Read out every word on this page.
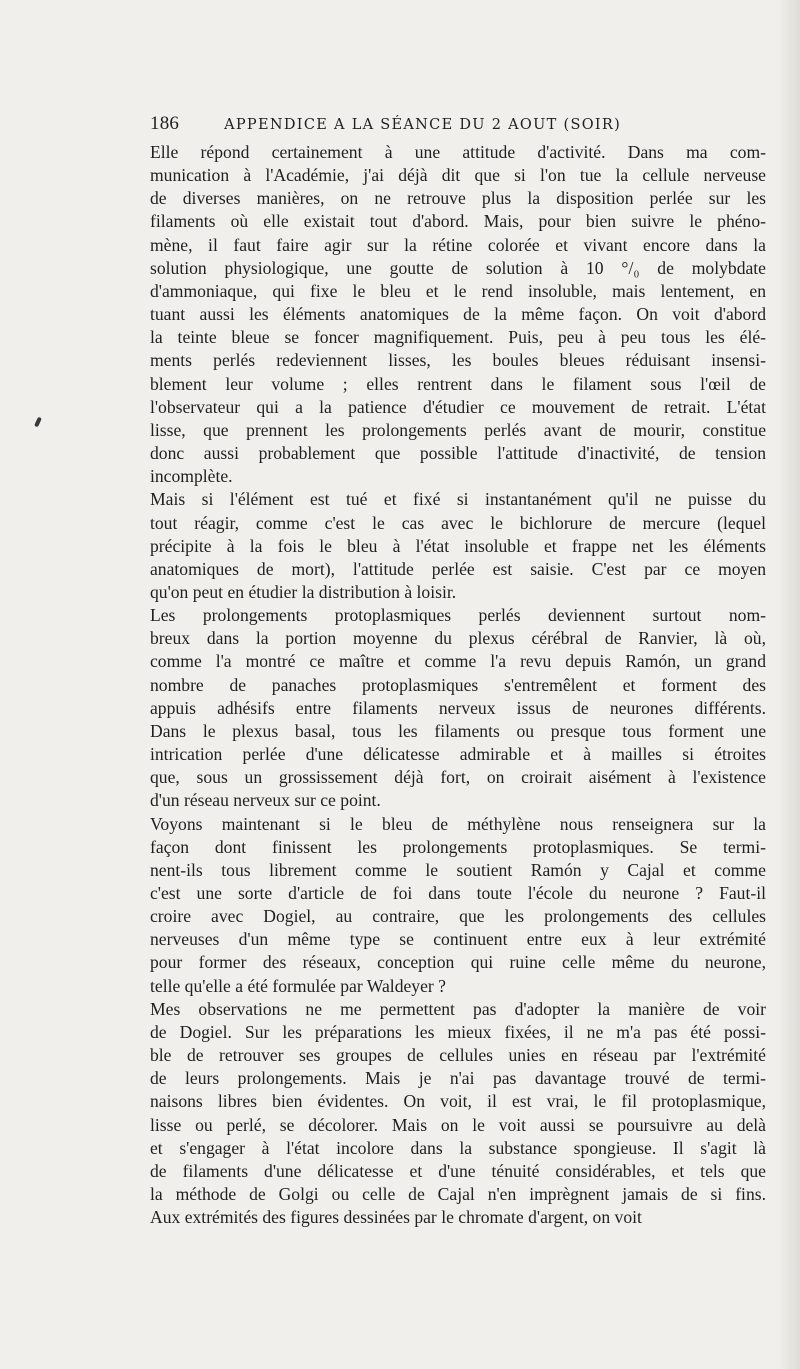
186	APPENDICE A LA SÉANCE DU 2 AOUT (SOIR)

Elle répond certainement à une attitude d'activité. Dans ma com-
munication à l'Académie, j'ai déjà dit que si l'on tue la cellule nerveuse
de diverses manières, on ne retrouve plus la disposition perlée sur les
filaments où elle existait tout d'abord. Mais, pour bien suivre le phéno-
mène, il faut faire agir sur la rétine colorée et vivant encore dans la
solution physiologique, une goutte de solution à 10 °/₀ de molybdate
d'ammoniaque, qui fixe le bleu et le rend insoluble, mais lentement, en
tuant aussi les éléments anatomiques de la même façon. On voit d'abord
la teinte bleue se foncer magnifiquement. Puis, peu à peu tous les élé-
ments perlés redeviennent lisses, les boules bleues réduisant insensi-
blement leur volume ; elles rentrent dans le filament sous l'œil de
l'observateur qui a la patience d'étudier ce mouvement de retrait. L'état
lisse, que prennent les prolongements perlés avant de mourir, constitue
donc aussi probablement que possible l'attitude d'inactivité, de tension
incomplète.

Mais si l'élément est tué et fixé si instantanément qu'il ne puisse du
tout réagir, comme c'est le cas avec le bichlorure de mercure (lequel
précipite à la fois le bleu à l'état insoluble et frappe net les éléments
anatomiques de mort), l'attitude perlée est saisie. C'est par ce moyen
qu'on peut en étudier la distribution à loisir.

Les prolongements protoplasmiques perlés deviennent surtout nom-
breux dans la portion moyenne du plexus cérébral de Ranvier, là où,
comme l'a montré ce maître et comme l'a revu depuis Ramón, un grand
nombre de panaches protoplasmiques s'entremêlent et forment des
appuis adhésifs entre filaments nerveux issus de neurones différents.
Dans le plexus basal, tous les filaments ou presque tous forment une
intrication perlée d'une délicatesse admirable et à mailles si étroites
que, sous un grossissement déjà fort, on croirait aisément à l'existence
d'un réseau nerveux sur ce point.

Voyons maintenant si le bleu de méthylène nous renseignera sur la
façon dont finissent les prolongements protoplasmiques. Se termi-
nent-ils tous librement comme le soutient Ramón y Cajal et comme
c'est une sorte d'article de foi dans toute l'école du neurone ? Faut-il
croire avec Dogiel, au contraire, que les prolongements des cellules
nerveuses d'un même type se continuent entre eux à leur extrémité
pour former des réseaux, conception qui ruine celle même du neurone,
telle qu'elle a été formulée par Waldeyer ?

Mes observations ne me permettent pas d'adopter la manière de voir
de Dogiel. Sur les préparations les mieux fixées, il ne m'a pas été possi-
ble de retrouver ses groupes de cellules unies en réseau par l'extrémité
de leurs prolongements. Mais je n'ai pas davantage trouvé de termi-
naisons libres bien évidentes. On voit, il est vrai, le fil protoplasmique,
lisse ou perlé, se décolorer. Mais on le voit aussi se poursuivre au delà
et s'engager à l'état incolore dans la substance spongieuse. Il s'agit là
de filaments d'une délicatesse et d'une ténuité considérables, et tels que
la méthode de Golgi ou celle de Cajal n'en imprègnent jamais de si fins.
Aux extrémités des figures dessinées par le chromate d'argent, on voit
